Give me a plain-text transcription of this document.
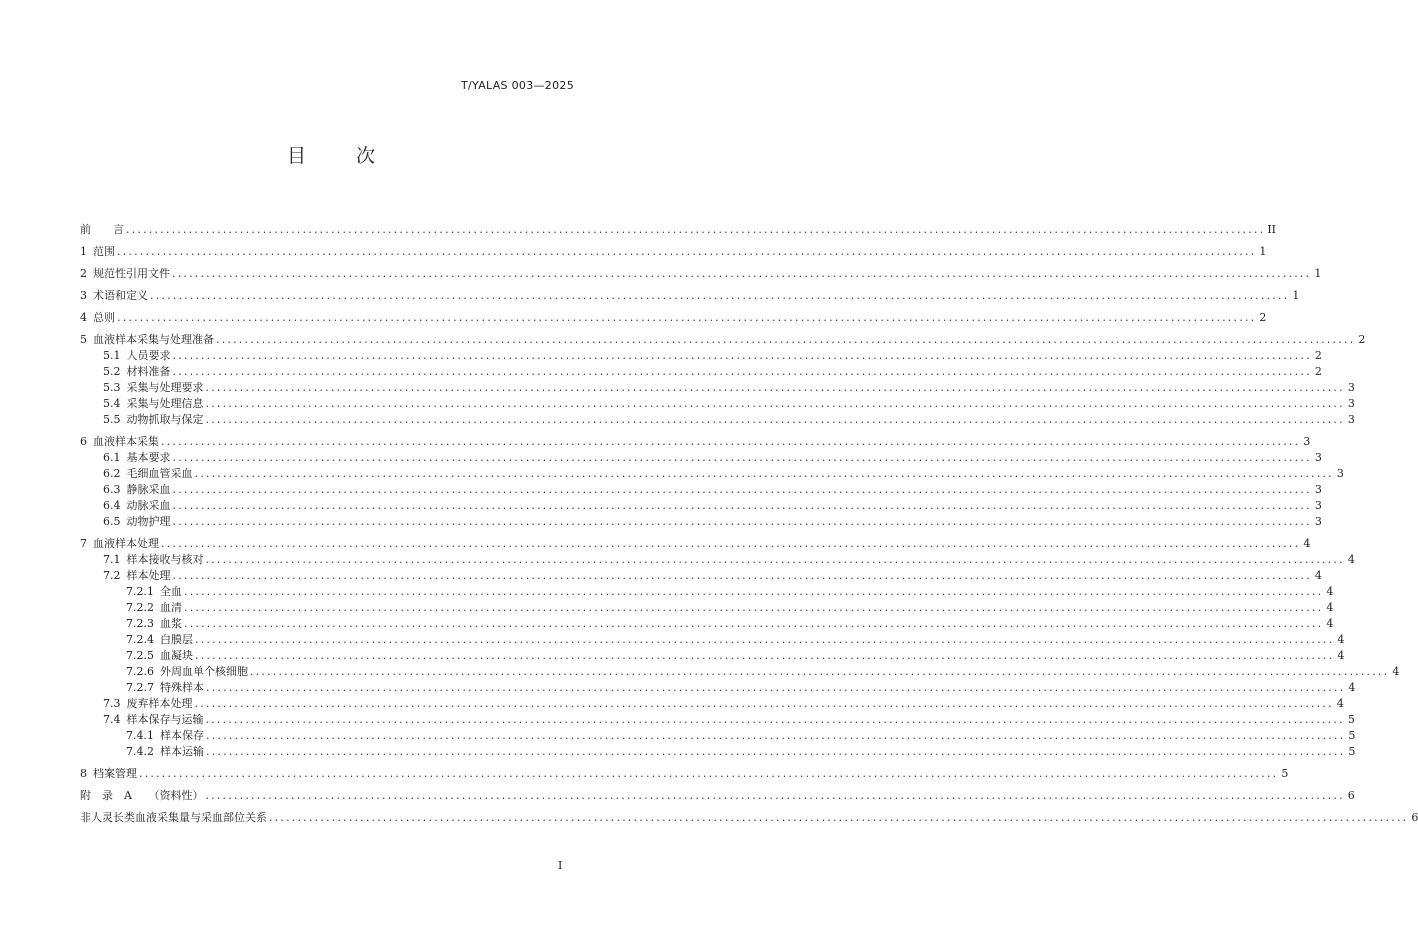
T/YALAS 003—2025
目 次
前　　言 ........................................................................................................................................................................................................ II
1 范围 ........................................................................................................................................................................................................ 1
2 规范性引用文件 ........................................................................................................................................................................................................ 1
3 术语和定义 ........................................................................................................................................................................................................ 1
4 总则 ........................................................................................................................................................................................................ 2
5 血液样本采集与处理准备 ........................................................................................................................................................................................................ 2
5.1 人员要求 ........................................................................................................................................................................................................ 2
5.2 材料准备 ........................................................................................................................................................................................................ 2
5.3 采集与处理要求 ........................................................................................................................................................................................................ 3
5.4 采集与处理信息 ........................................................................................................................................................................................................ 3
5.5 动物抓取与保定 ........................................................................................................................................................................................................ 3
6 血液样本采集 ........................................................................................................................................................................................................ 3
6.1 基本要求 ........................................................................................................................................................................................................ 3
6.2 毛细血管采血 ........................................................................................................................................................................................................ 3
6.3 静脉采血 ........................................................................................................................................................................................................ 3
6.4 动脉采血 ........................................................................................................................................................................................................ 3
6.5 动物护理 ........................................................................................................................................................................................................ 3
7 血液样本处理 ........................................................................................................................................................................................................ 4
7.1 样本接收与核对 ........................................................................................................................................................................................................ 4
7.2 样本处理 ........................................................................................................................................................................................................ 4
7.2.1 全血 ........................................................................................................................................................................................................ 4
7.2.2 血清 ........................................................................................................................................................................................................ 4
7.2.3 血浆 ........................................................................................................................................................................................................ 4
7.2.4 白膜层 ........................................................................................................................................................................................................ 4
7.2.5 血凝块 ........................................................................................................................................................................................................ 4
7.2.6 外周血单个核细胞 ........................................................................................................................................................................................................ 4
7.2.7 特殊样本 ........................................................................................................................................................................................................ 4
7.3 废弃样本处理 ........................................................................................................................................................................................................ 4
7.4 样本保存与运输 ........................................................................................................................................................................................................ 5
7.4.1 样本保存 ........................................................................................................................................................................................................ 5
7.4.2 样本运输 ........................................................................................................................................................................................................ 5
8 档案管理 ........................................................................................................................................................................................................ 5
附　录　A　　（资料性） ........................................................................................................................................................................................................ 6
非人灵长类血液采集量与采血部位关系 ........................................................................................................................................................................................................ 6
I
